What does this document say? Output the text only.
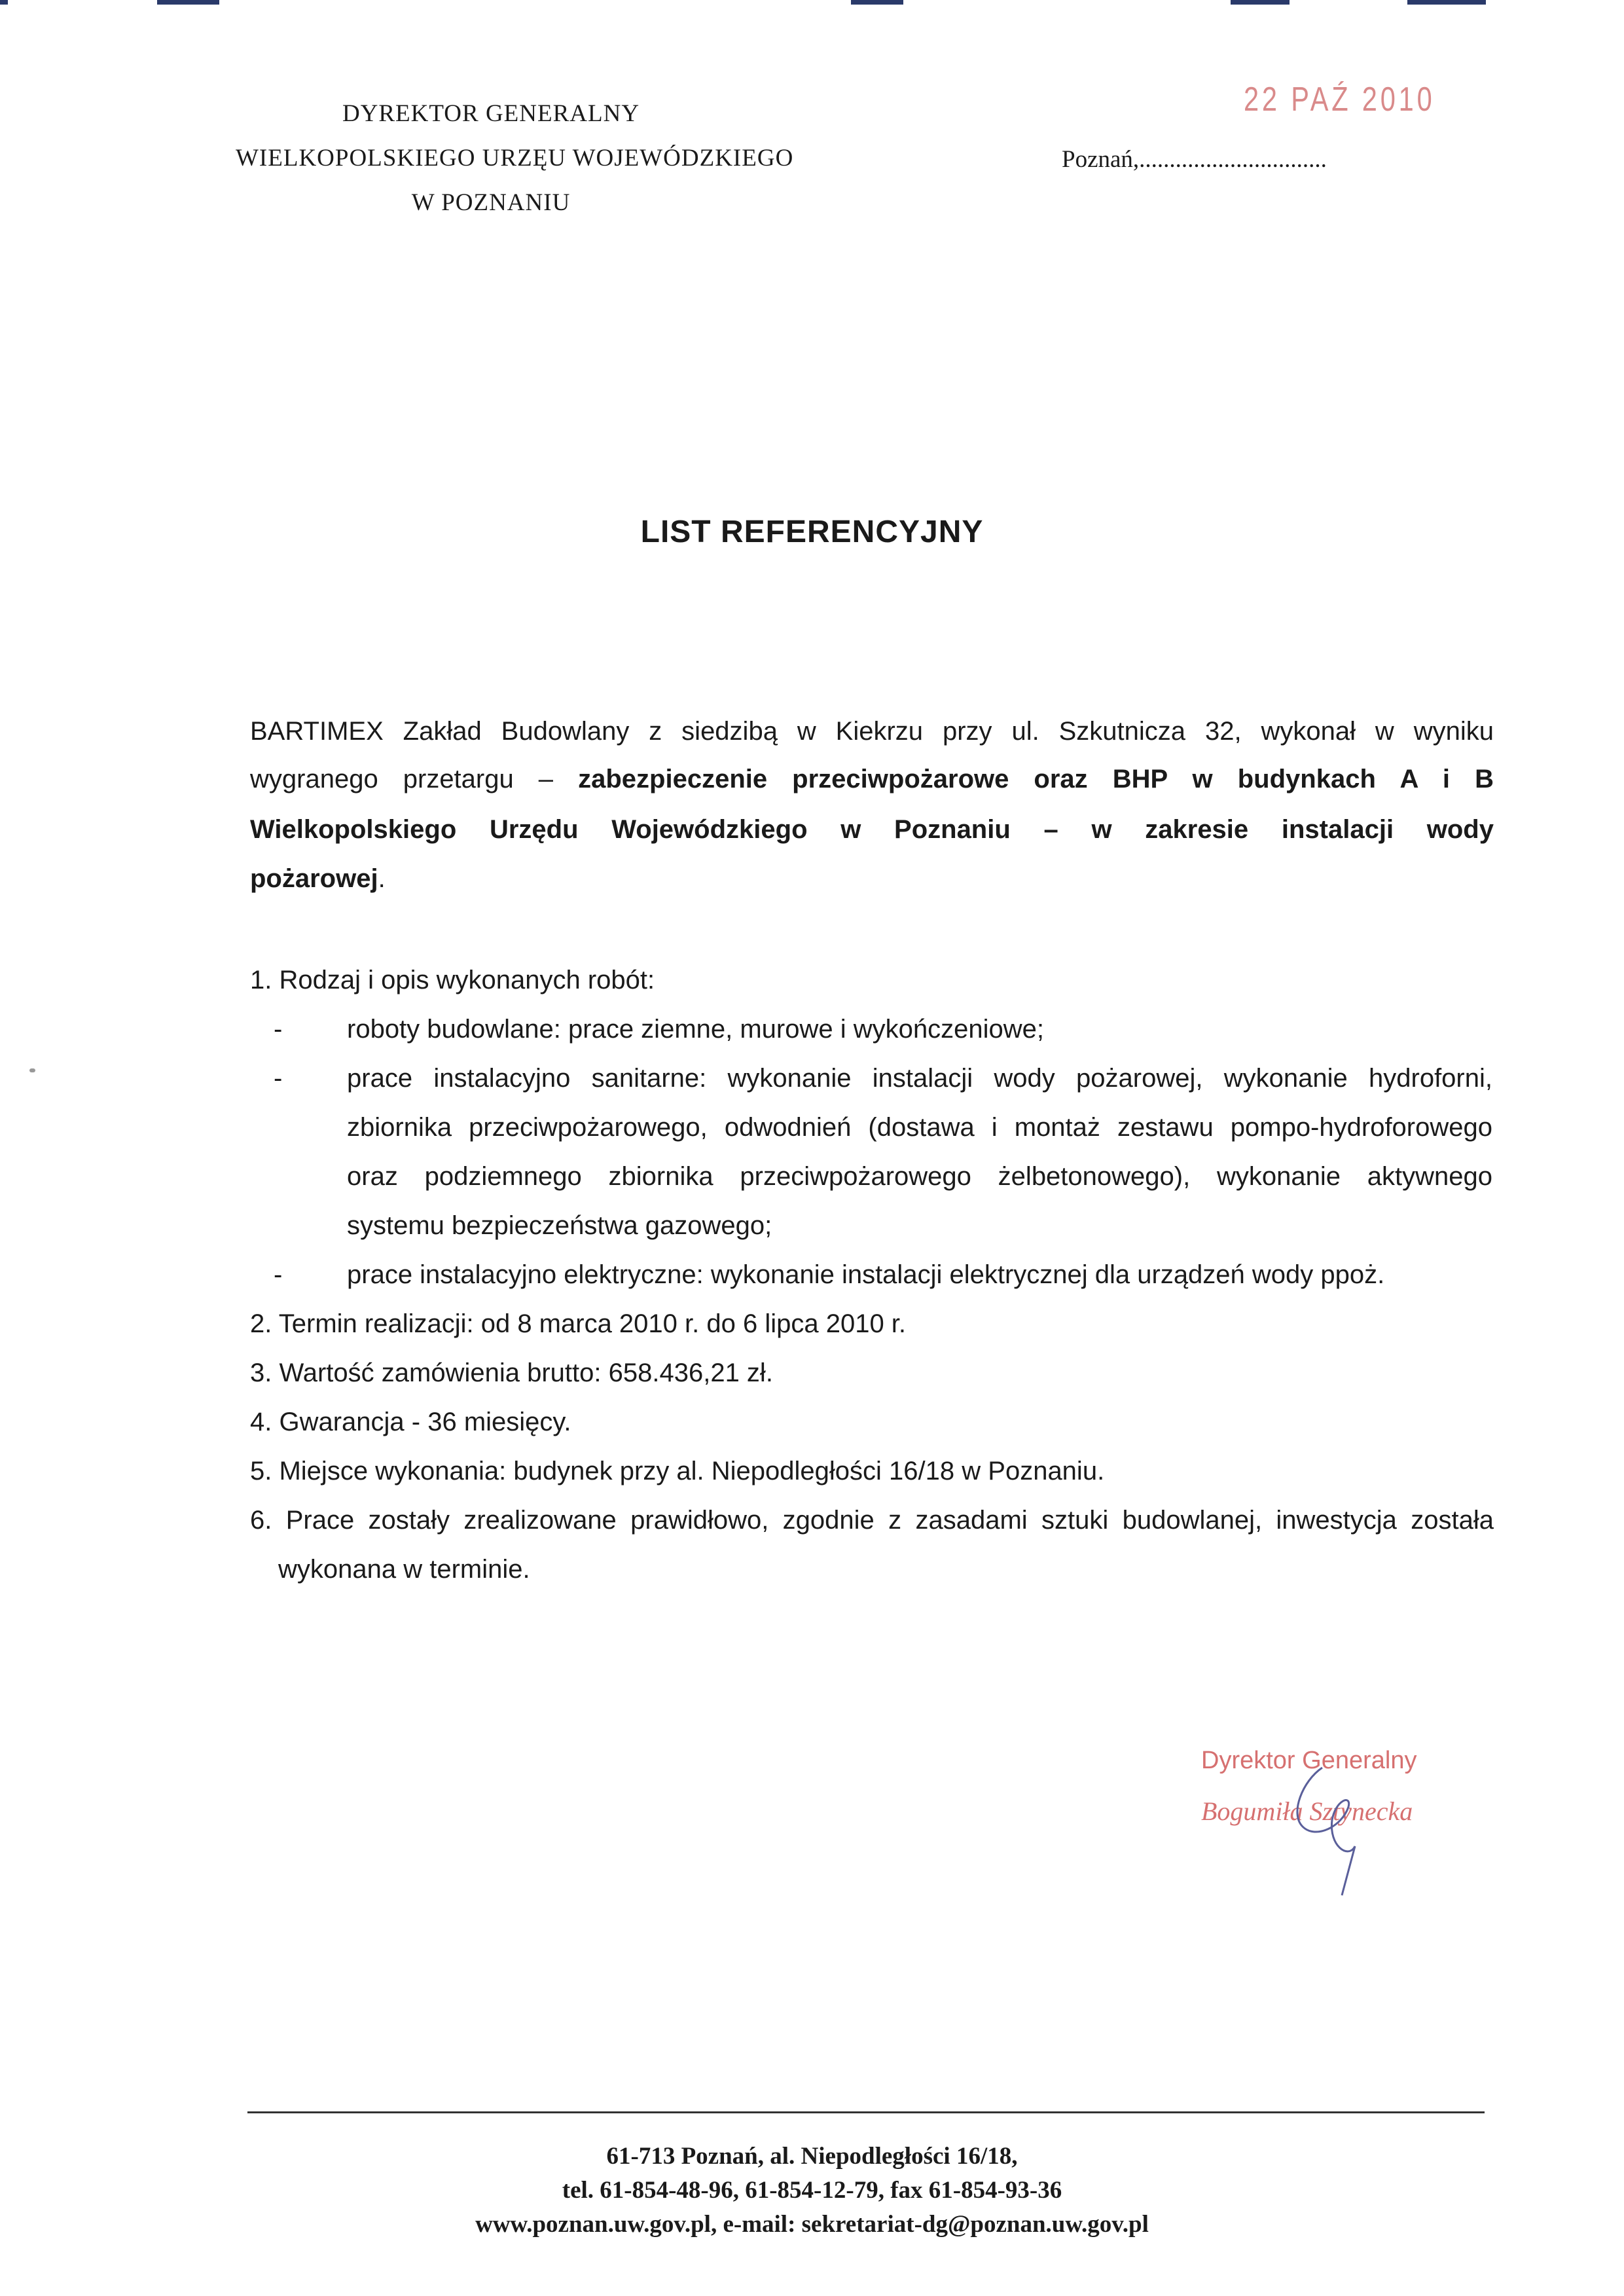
DYREKTOR GENERALNY
WIELKOPOLSKIEGO URZĘU WOJEWÓDZKIEGO
W POZNANIU
22 PAŹ 2010
Poznań,...............................
LIST REFERENCYJNY
BARTIMEX Zakład Budowlany z siedzibą w Kiekrzu przy ul. Szkutnicza 32, wykonał w wyniku
wygranego przetargu – zabezpieczenie przeciwpożarowe oraz BHP w budynkach A i B
Wielkopolskiego Urzędu Wojewódzkiego w Poznaniu – w zakresie instalacji wody
pożarowej.
1. Rodzaj i opis wykonanych robót:
- roboty budowlane: prace ziemne, murowe i wykończeniowe;
- prace instalacyjno sanitarne: wykonanie instalacji wody pożarowej, wykonanie hydroforni,
zbiornika przeciwpożarowego, odwodnień (dostawa i montaż zestawu pompo-hydroforowego
oraz podziemnego zbiornika przeciwpożarowego żelbetonowego), wykonanie aktywnego
systemu bezpieczeństwa gazowego;
- prace instalacyjno elektryczne: wykonanie instalacji elektrycznej dla urządzeń wody ppoż.
2. Termin realizacji: od 8 marca 2010 r. do 6 lipca 2010 r.
3. Wartość zamówienia brutto: 658.436,21 zł.
4. Gwarancja - 36 miesięcy.
5. Miejsce wykonania: budynek przy al. Niepodległości 16/18 w Poznaniu.
6. Prace zostały zrealizowane prawidłowo, zgodnie z zasadami sztuki budowlanej, inwestycja została
wykonana w terminie.
Dyrektor Generalny
Bogumiła Sztynecka
61-713 Poznań, al. Niepodległości 16/18,
tel. 61-854-48-96, 61-854-12-79, fax 61-854-93-36
www.poznan.uw.gov.pl, e-mail: sekretariat-dg@poznan.uw.gov.pl
